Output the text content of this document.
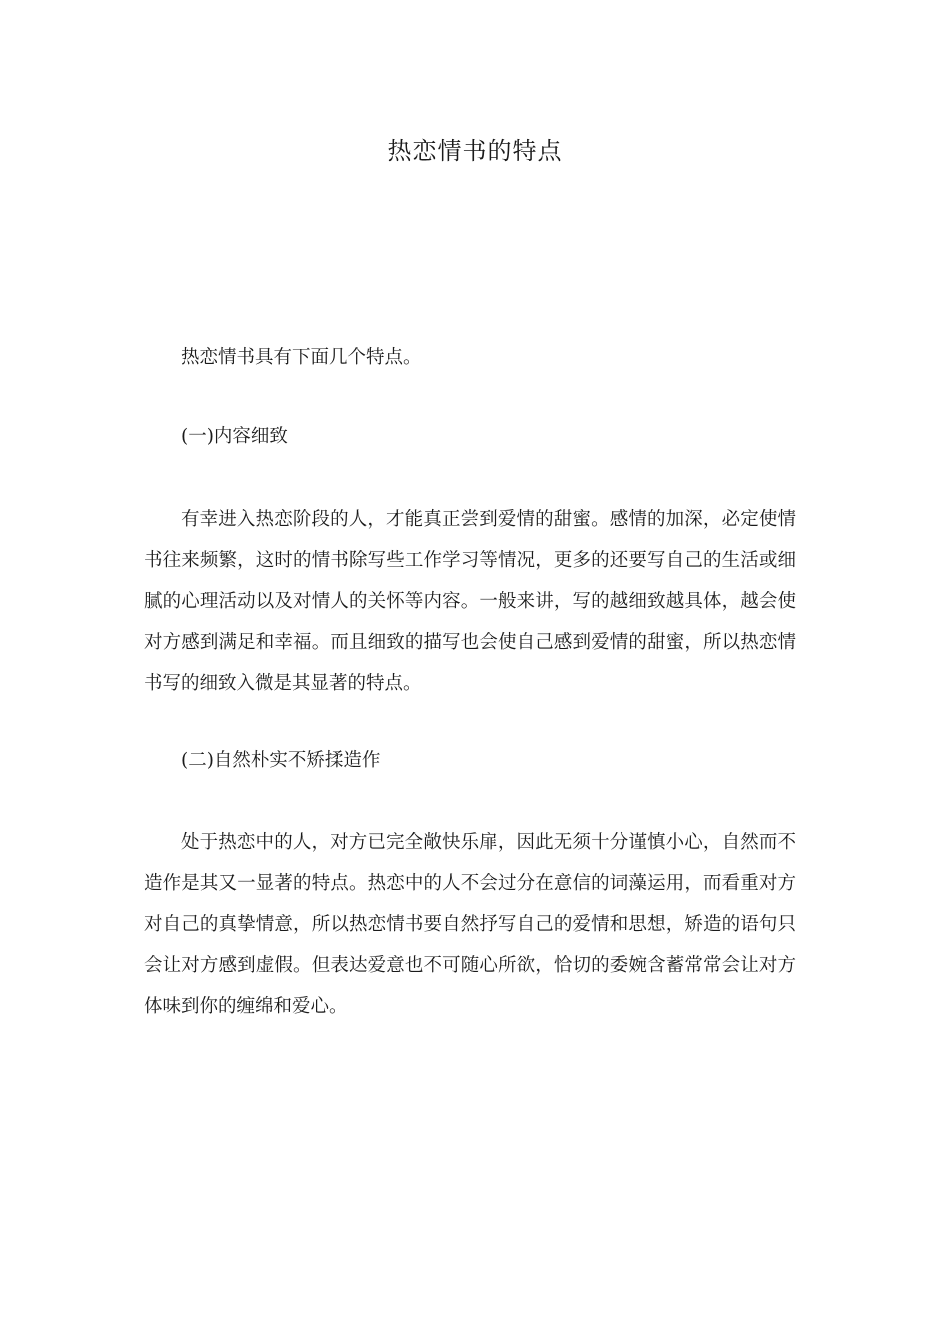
热恋情书的特点

热恋情书具有下面几个特点。

(一)内容细致

有幸进入热恋阶段的人，才能真正尝到爱情的甜蜜。感情的加深，必定使情书往来频繁，这时的情书除写些工作学习等情况，更多的还要写自己的生活或细腻的心理活动以及对情人的关怀等内容。一般来讲，写的越细致越具体，越会使对方感到满足和幸福。而且细致的描写也会使自己感到爱情的甜蜜，所以热恋情书写的细致入微是其显著的特点。

(二)自然朴实不矫揉造作

处于热恋中的人，对方已完全敞快乐扉，因此无须十分谨慎小心，自然而不造作是其又一显著的特点。热恋中的人不会过分在意信的词藻运用，而看重对方对自己的真挚情意，所以热恋情书要自然抒写自己的爱情和思想，矫造的语句只会让对方感到虚假。但表达爱意也不可随心所欲，恰切的委婉含蓄常常会让对方体味到你的缠绵和爱心。
